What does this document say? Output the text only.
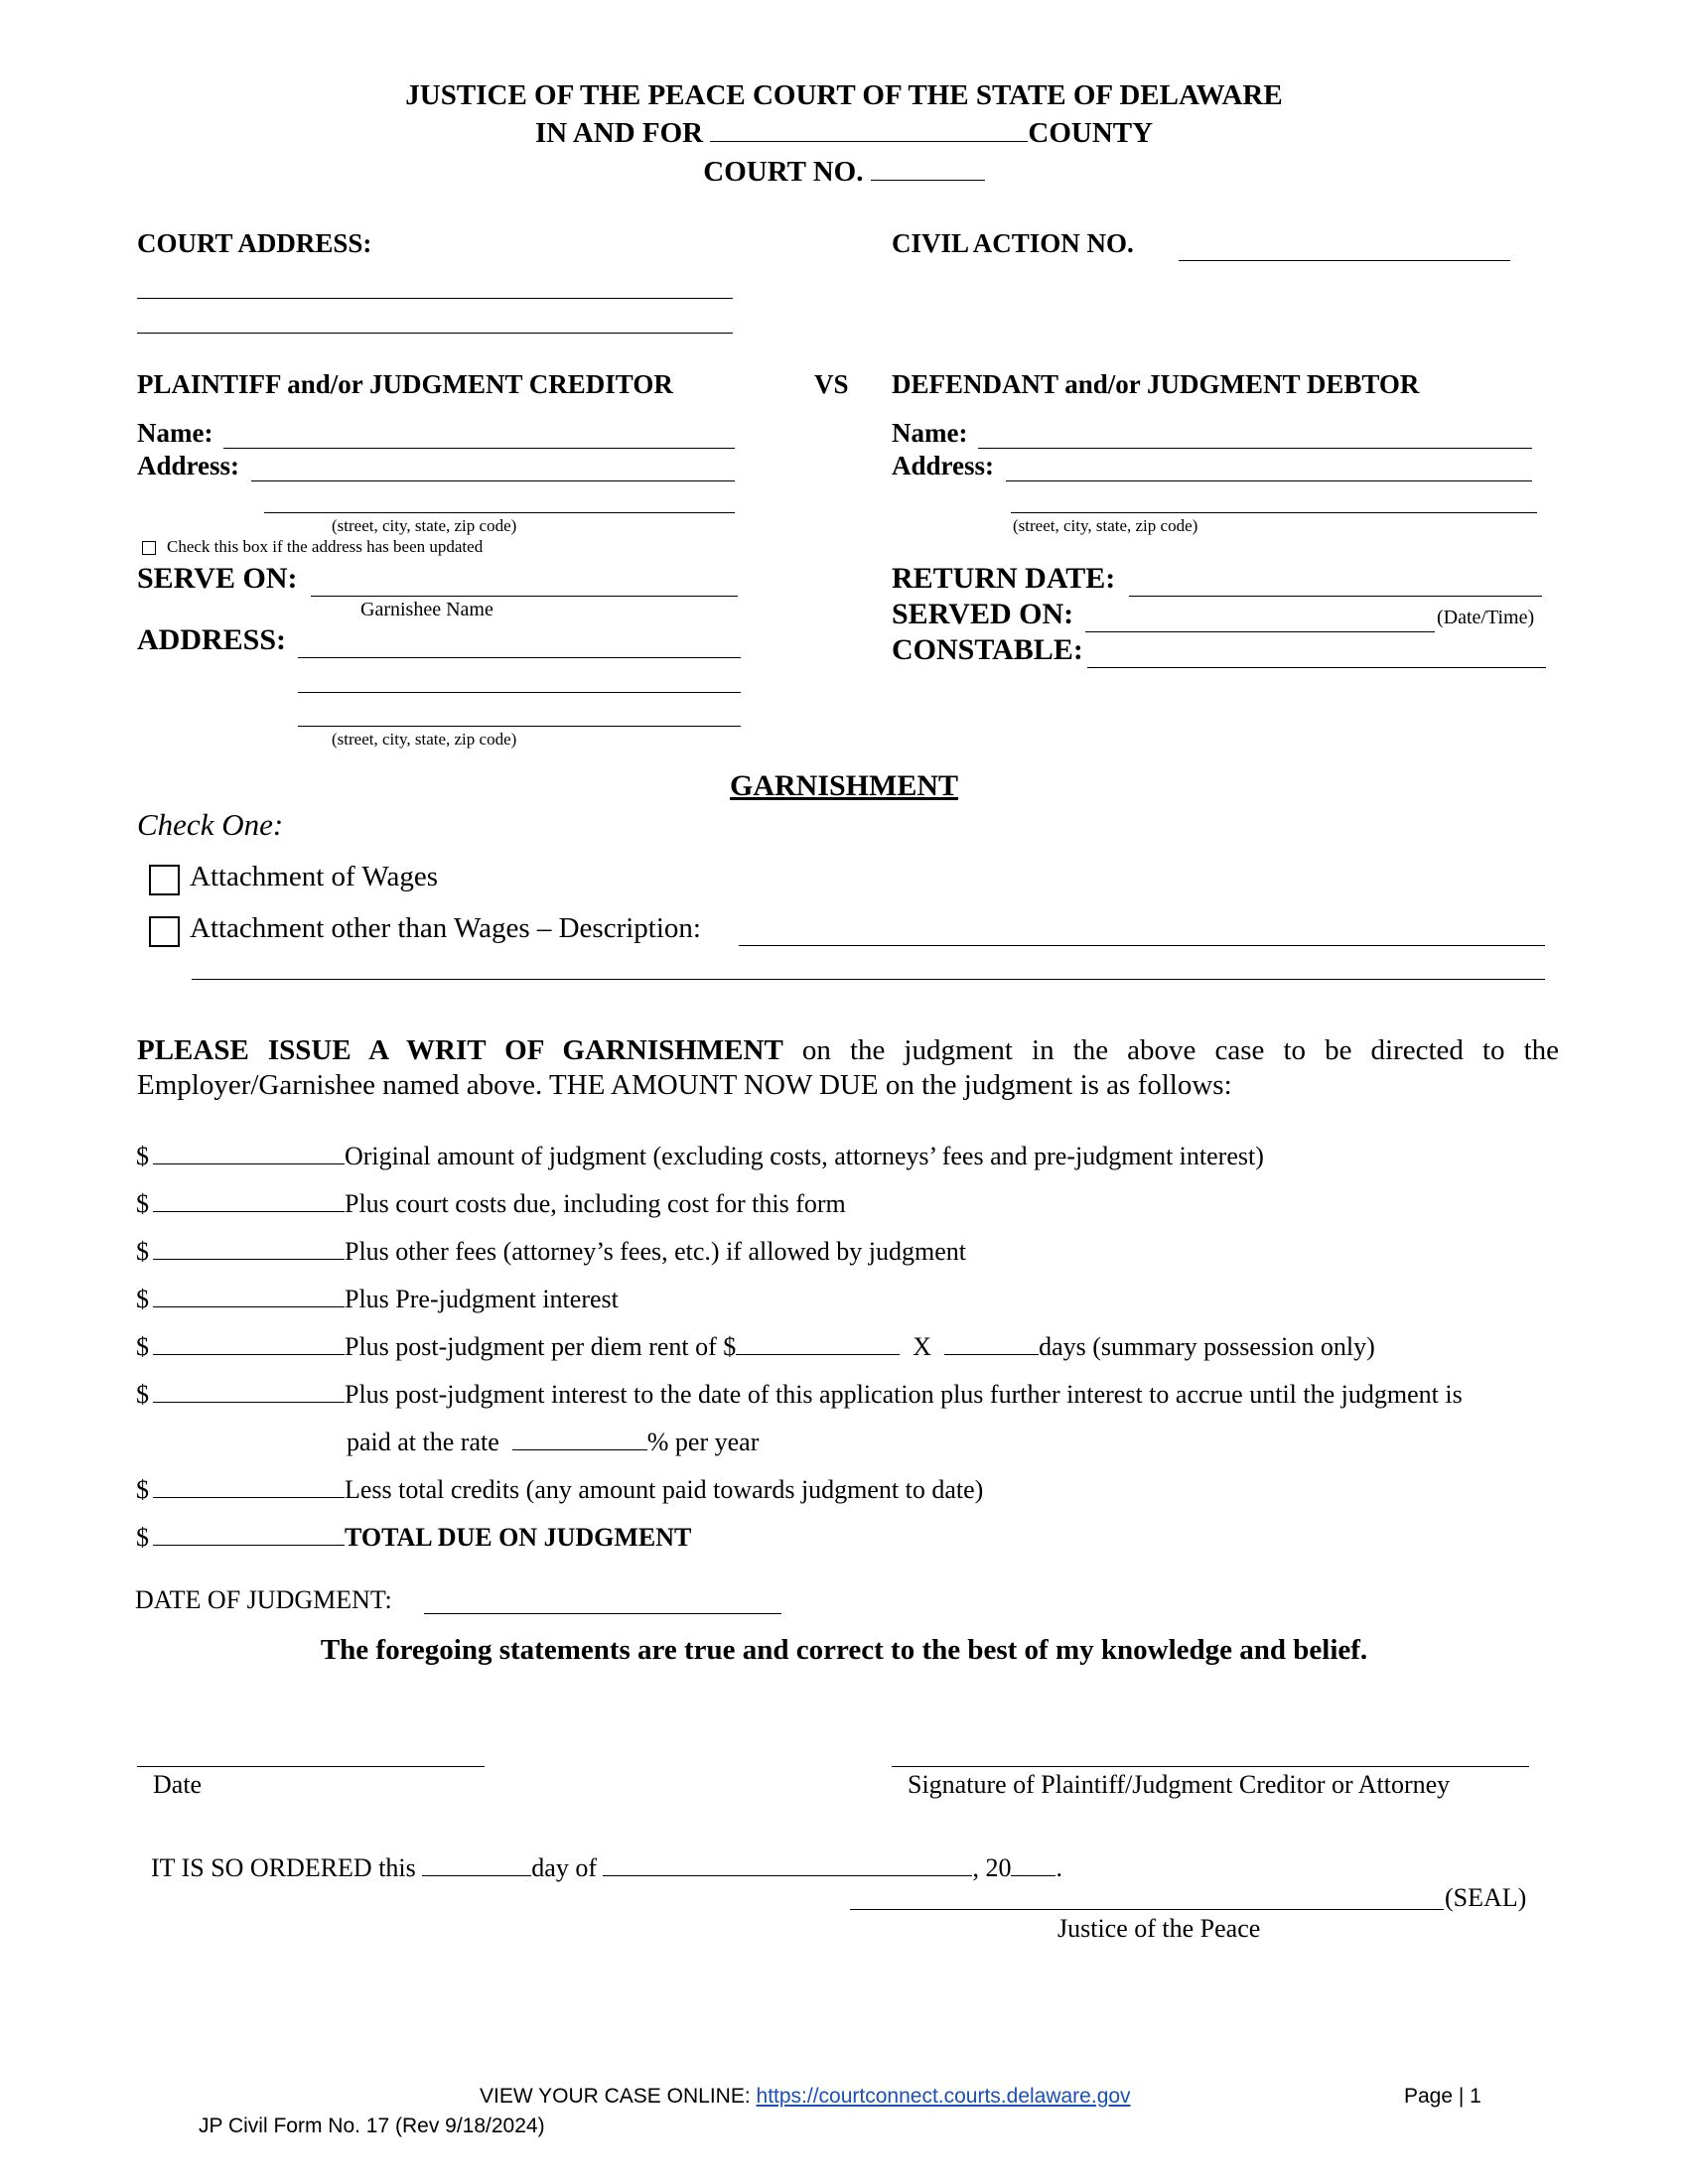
JUSTICE OF THE PEACE COURT OF THE STATE OF DELAWARE
IN AND FOR	COUNTY
COURT NO.
COURT ADDRESS:	CIVIL ACTION NO.
PLAINTIFF and/or JUDGMENT CREDITOR	VS
Name:
Address:
(street, city, state, zip code)
Check this box if the address has been updated
DEFENDANT and/or JUDGMENT DEBTOR
Name:
Address:
(street, city, state, zip code)
SERVE ON:
Garnishee Name
ADDRESS:
(street, city, state, zip code)
RETURN DATE:
SERVED ON:	(Date/Time)
CONSTABLE:
GARNISHMENT
Check One:
Attachment of Wages
Attachment other than Wages – Description:
PLEASE ISSUE A WRIT OF GARNISHMENT on the judgment in the above case to be directed to the
Employer/Garnishee named above. THE AMOUNT NOW DUE on the judgment is as follows:
$	Original amount of judgment (excluding costs, attorneys’ fees and pre-judgment interest)
$	Plus court costs due, including cost for this form
$	Plus other fees (attorney’s fees, etc.) if allowed by judgment
$	Plus Pre-judgment interest
$	Plus post-judgment per diem rent of $	X	days (summary possession only)
$	Plus post-judgment interest to the date of this application plus further interest to accrue until the judgment is
paid at the rate	% per year
$	Less total credits (any amount paid towards judgment to date)
$	TOTAL DUE ON JUDGMENT
DATE OF JUDGMENT:
The foregoing statements are true and correct to the best of my knowledge and belief.
Date	Signature of Plaintiff/Judgment Creditor or Attorney
IT IS SO ORDERED this	day of	, 20 .
(SEAL)
Justice of the Peace
VIEW YOUR CASE ONLINE: https://courtconnect.courts.delaware.gov	Page | 1
JP Civil Form No. 17 (Rev 9/18/2024)
